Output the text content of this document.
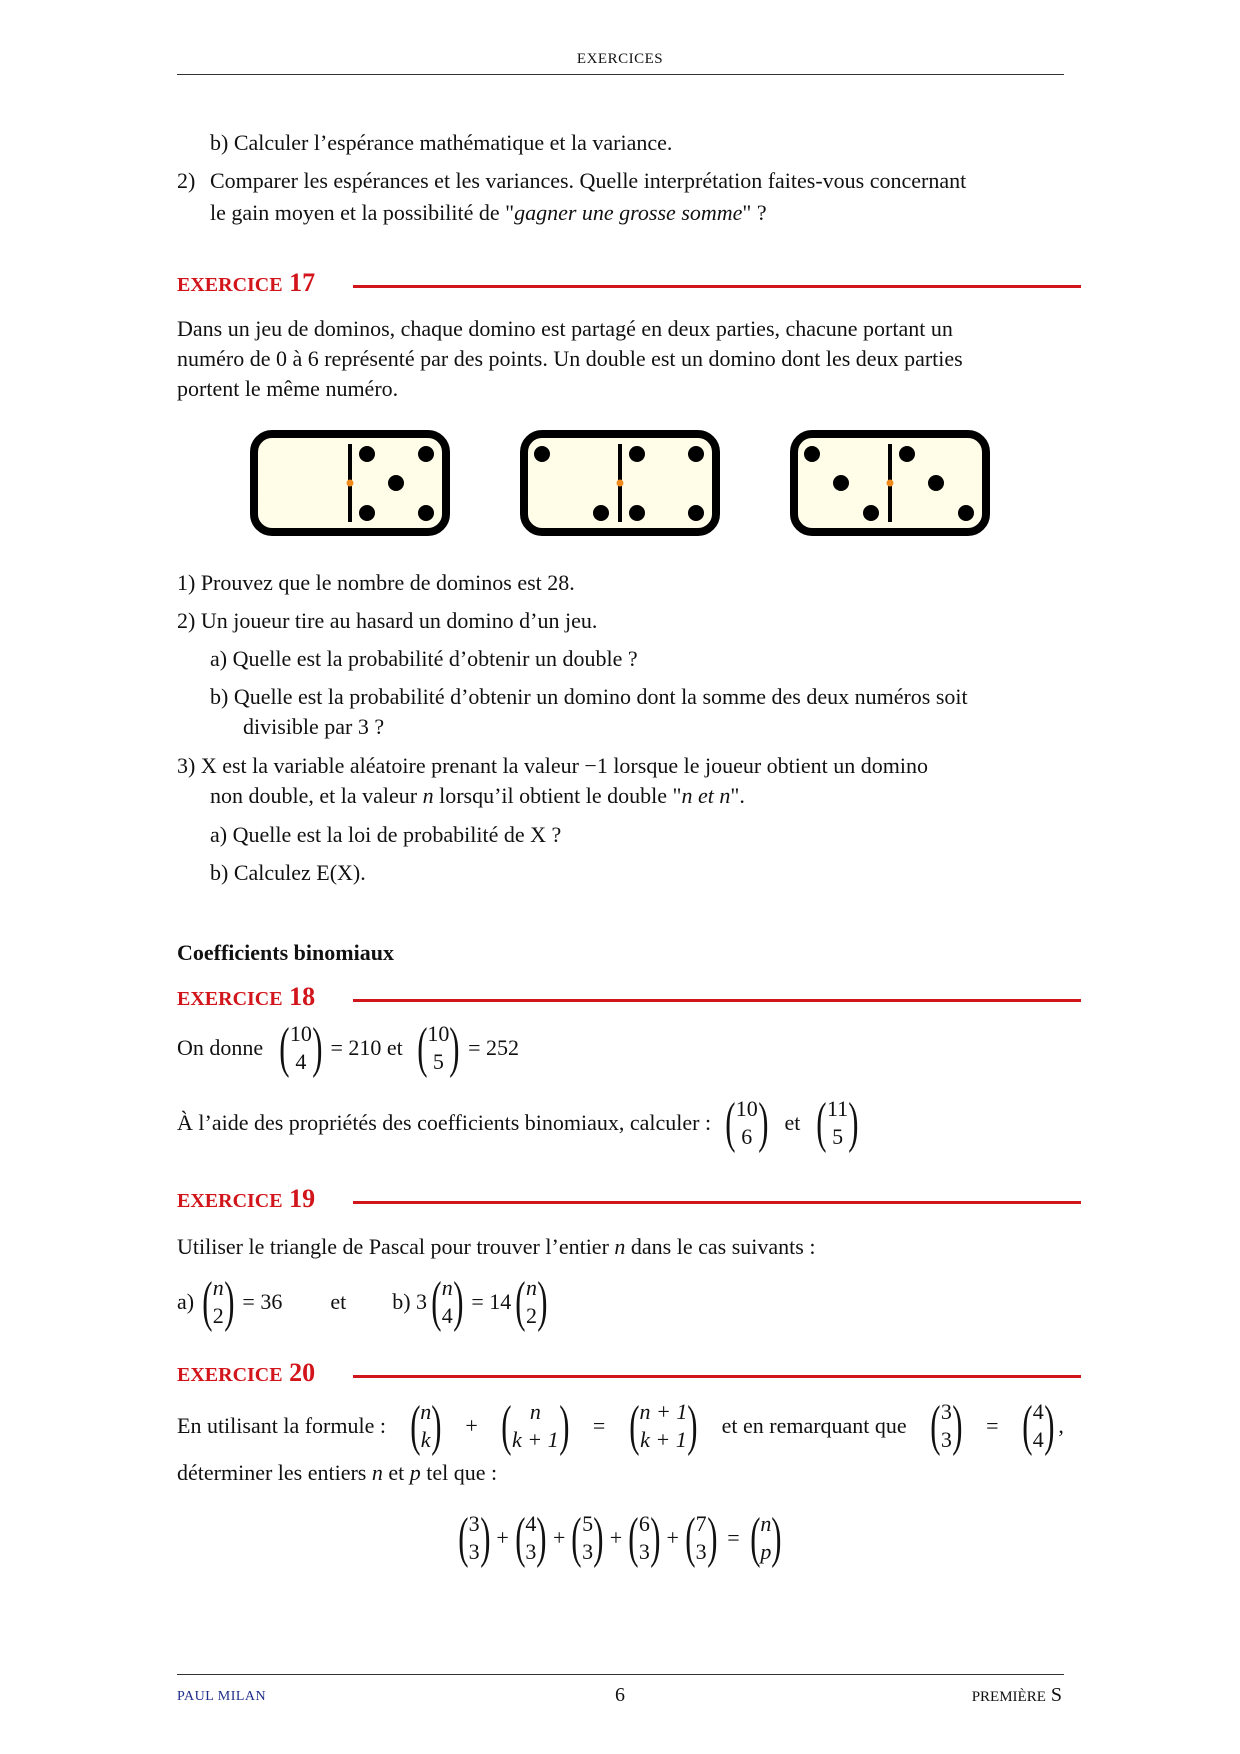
EXERCICES
b) Calculer l’espérance mathématique et la variance.
2) Comparer les espérances et les variances. Quelle interprétation faites-vous concernant
le gain moyen et la possibilité de "gagner une grosse somme" ?
EXERCICE 17
Dans un jeu de dominos, chaque domino est partagé en deux parties, chacune portant un
numéro de 0 à 6 représenté par des points. Un double est un domino dont les deux parties
portent le même numéro.
1) Prouvez que le nombre de dominos est 28.
2) Un joueur tire au hasard un domino d’un jeu.
a) Quelle est la probabilité d’obtenir un double ?
b) Quelle est la probabilité d’obtenir un domino dont la somme des deux numéros soit
divisible par 3 ?
3) X est la variable aléatoire prenant la valeur −1 lorsque le joueur obtient un domino
non double, et la valeur n lorsqu’il obtient le double "n et n".
a) Quelle est la loi de probabilité de X ?
b) Calculez E(X).
Coefficients binomiaux
EXERCICE 18
On donne ( 10
4 ) = 210 et ( 10
5 ) = 252
À l’aide des propriétés des coefficients binomiaux, calculer : ( 10
6 ) et ( 11
5 )
EXERCICE 19
Utiliser le triangle de Pascal pour trouver l’entier n dans le cas suivants :
a) ( n
2 ) = 36 et b) 3 ( n
4 ) = 14 ( n
2 )
EXERCICE 20
En utilisant la formule : ( n
k ) + ( n
k + 1 ) = ( n + 1
k + 1 ) et en remarquant que ( 3
3 ) = ( 4
4 ) ,
déterminer les entiers n et p tel que :
( 3
3 ) + ( 4
3 ) + ( 5
3 ) + ( 6
3 ) + ( 7
3 ) = ( n
p )
PAUL MILAN	6	PREMIÈRE S
